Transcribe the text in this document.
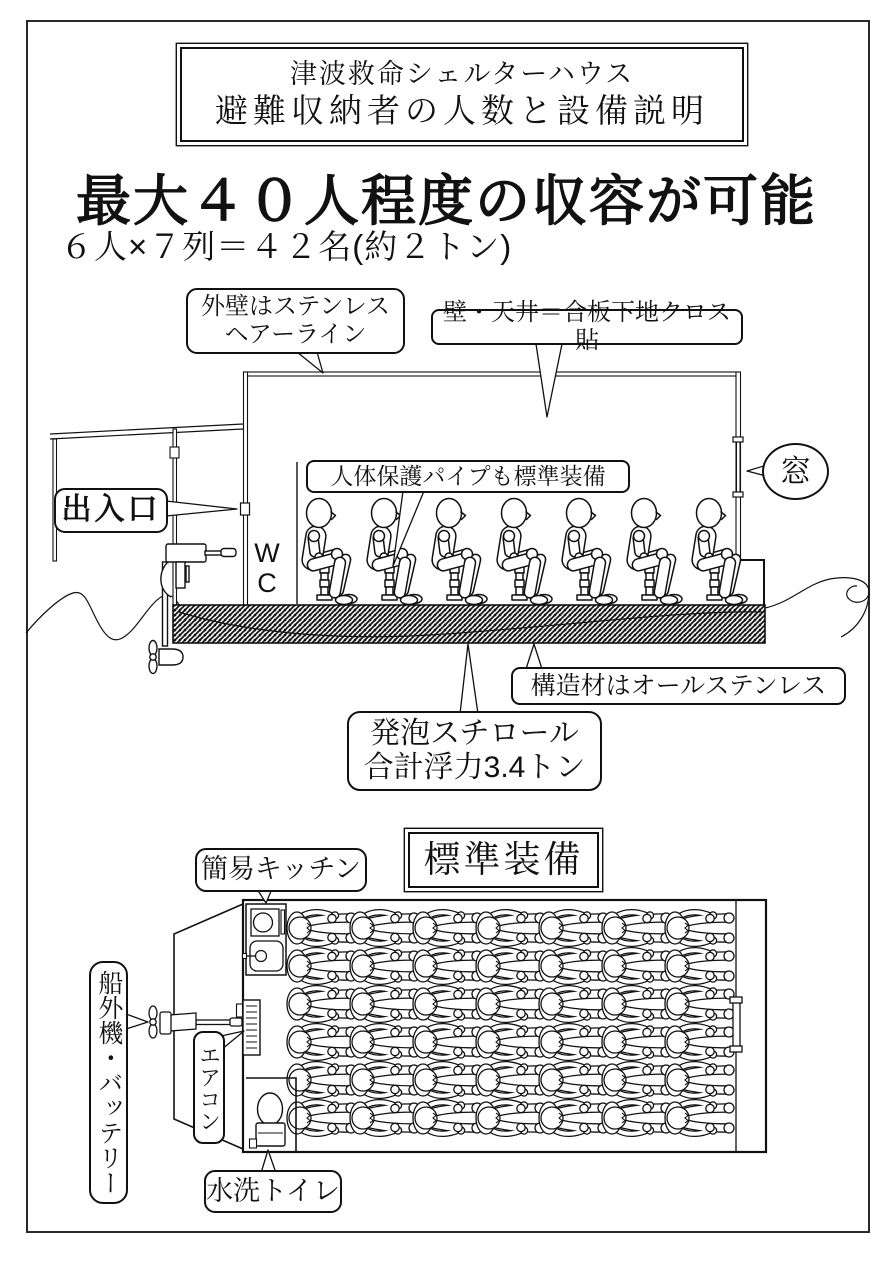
津波救命シェルターハウス
避難収納者の人数と設備説明
最大４０人程度の収容が可能
６人×７列＝４２名(約２トン)
外壁はステンレス
ヘアーライン
壁・天井＝合板下地クロス貼
人体保護パイプも標準装備
出入口
W
C
窓
構造材はオールステンレス
発泡スチロール
合計浮力3.4トン
標準装備
簡易キッチン
船外機・バッテリー	エアコン
水洗トイレ
